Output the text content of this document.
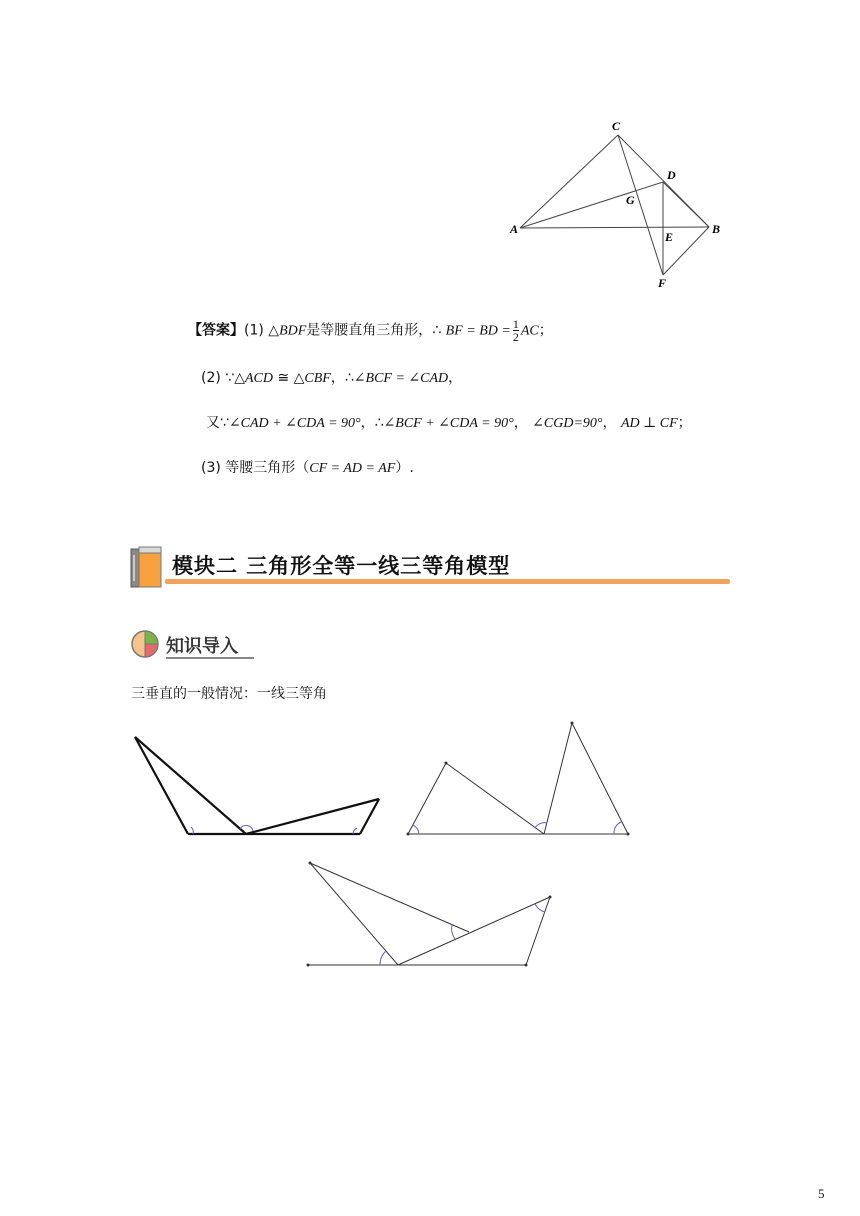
C
D
G
A
E
B
F
【答案】(1) △BDF是等腰直角三角形，∴ BF = BD = $\frac{1}{2}$ AC；
(2) ∵△ACD ≅ △CBF，∴∠BCF = ∠CAD，
又∵∠CAD + ∠CDA = 90°，∴∠BCF + ∠CDA = 90°， ∠CGD=90°， AD ⊥ CF；
(3) 等腰三角形（CF = AD = AF）.
模块二 三角形全等一线三等角模型
知识导入
三垂直的一般情况：一线三等角
5
